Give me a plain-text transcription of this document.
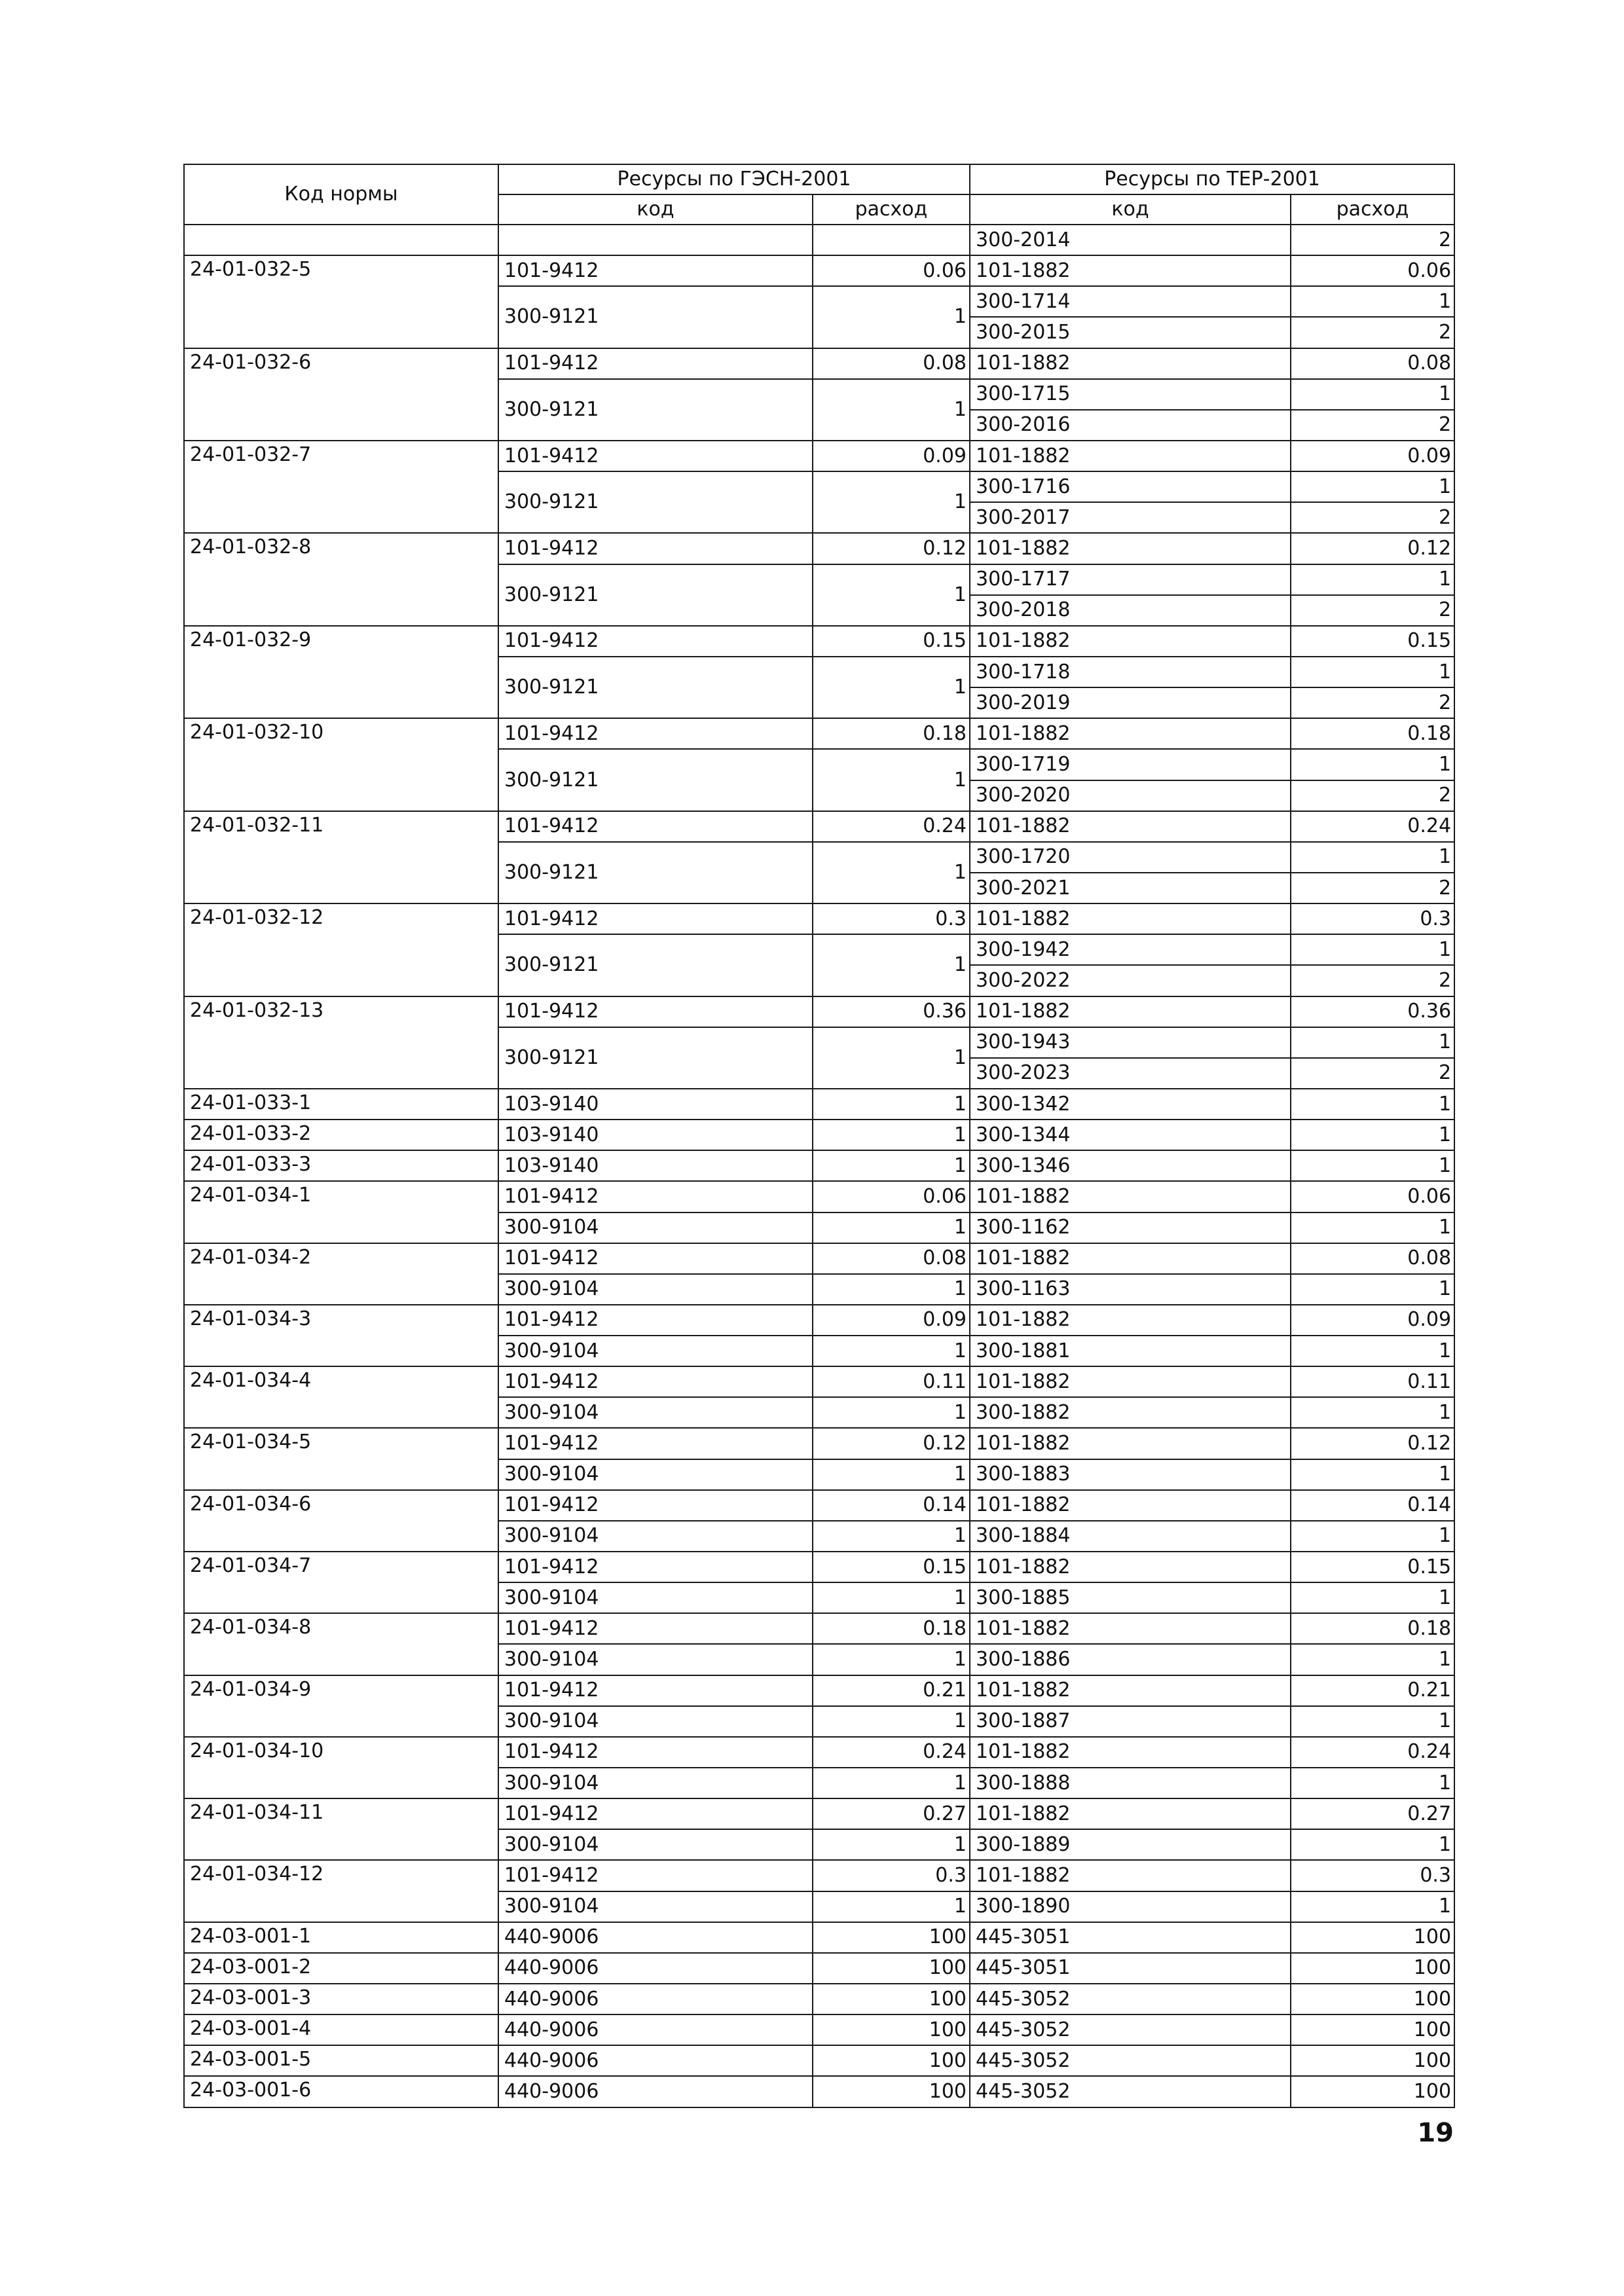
Код нормы	Ресурсы по ГЭСН-2001		Ресурсы по ТЕР-2001	
	код	расход	код	расход
			300-2014	2
24-01-032-5	101-9412	0.06	101-1882	0.06
	300-9121	1	300-1714	1
			300-2015	2
24-01-032-6	101-9412	0.08	101-1882	0.08
	300-9121	1	300-1715	1
			300-2016	2
24-01-032-7	101-9412	0.09	101-1882	0.09
	300-9121	1	300-1716	1
			300-2017	2
24-01-032-8	101-9412	0.12	101-1882	0.12
	300-9121	1	300-1717	1
			300-2018	2
24-01-032-9	101-9412	0.15	101-1882	0.15
	300-9121	1	300-1718	1
			300-2019	2
24-01-032-10	101-9412	0.18	101-1882	0.18
	300-9121	1	300-1719	1
			300-2020	2
24-01-032-11	101-9412	0.24	101-1882	0.24
	300-9121	1	300-1720	1
			300-2021	2
24-01-032-12	101-9412	0.3	101-1882	0.3
	300-9121	1	300-1942	1
			300-2022	2
24-01-032-13	101-9412	0.36	101-1882	0.36
	300-9121	1	300-1943	1
			300-2023	2
24-01-033-1	103-9140	1	300-1342	1
24-01-033-2	103-9140	1	300-1344	1
24-01-033-3	103-9140	1	300-1346	1
24-01-034-1	101-9412	0.06	101-1882	0.06
	300-9104	1	300-1162	1
24-01-034-2	101-9412	0.08	101-1882	0.08
	300-9104	1	300-1163	1
24-01-034-3	101-9412	0.09	101-1882	0.09
	300-9104	1	300-1881	1
24-01-034-4	101-9412	0.11	101-1882	0.11
	300-9104	1	300-1882	1
24-01-034-5	101-9412	0.12	101-1882	0.12
	300-9104	1	300-1883	1
24-01-034-6	101-9412	0.14	101-1882	0.14
	300-9104	1	300-1884	1
24-01-034-7	101-9412	0.15	101-1882	0.15
	300-9104	1	300-1885	1
24-01-034-8	101-9412	0.18	101-1882	0.18
	300-9104	1	300-1886	1
24-01-034-9	101-9412	0.21	101-1882	0.21
	300-9104	1	300-1887	1
24-01-034-10	101-9412	0.24	101-1882	0.24
	300-9104	1	300-1888	1
24-01-034-11	101-9412	0.27	101-1882	0.27
	300-9104	1	300-1889	1
24-01-034-12	101-9412	0.3	101-1882	0.3
	300-9104	1	300-1890	1
24-03-001-1	440-9006	100	445-3051	100
24-03-001-2	440-9006	100	445-3051	100
24-03-001-3	440-9006	100	445-3052	100
24-03-001-4	440-9006	100	445-3052	100
24-03-001-5	440-9006	100	445-3052	100
24-03-001-6	440-9006	100	445-3052	100
19
